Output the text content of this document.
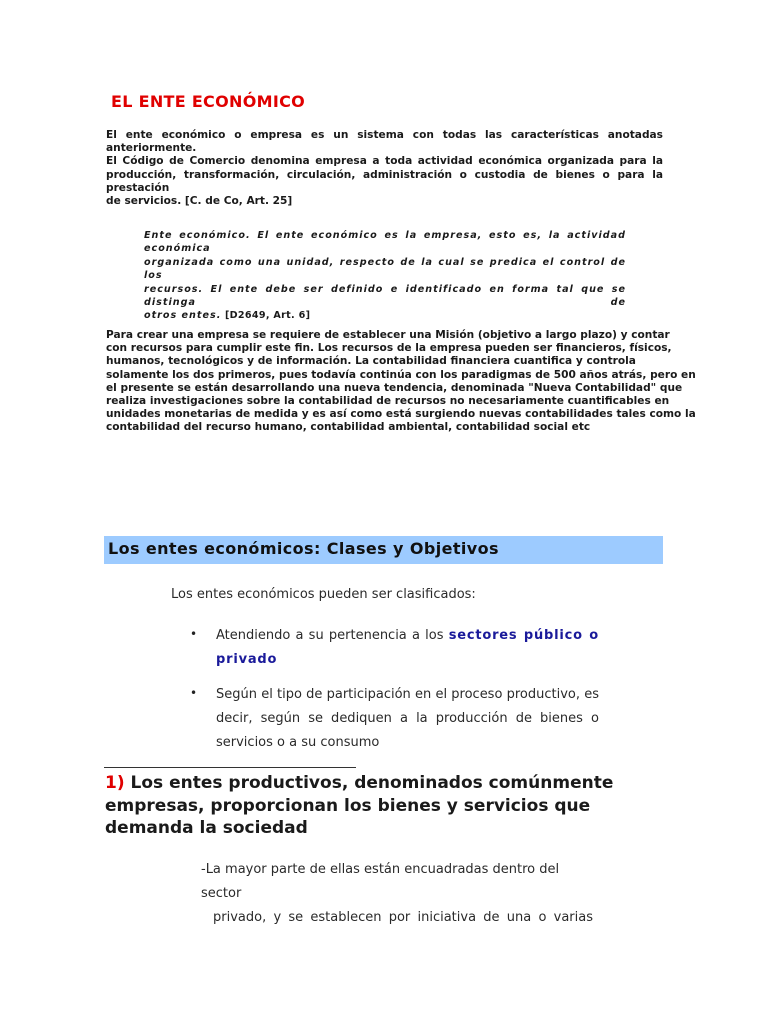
EL ENTE ECONÓMICO
El ente económico o empresa es un sistema con todas las características anotadas anteriormente.
El Código de Comercio denomina empresa a toda actividad económica organizada para la
producción, transformación, circulación, administración o custodia de bienes o para la prestación
de servicios. [C. de Co, Art. 25]
Ente económico. El ente económico es la empresa, esto es, la actividad económica
organizada como una unidad, respecto de la cual se predica el control de los
recursos. El ente debe ser definido e identificado en forma tal que se distinga de
otros entes. [D2649, Art. 6]
Para crear una empresa se requiere de establecer una Misión (objetivo a largo plazo) y contar
con recursos para cumplir este fin. Los recursos de la empresa pueden ser financieros, físicos,
humanos, tecnológicos y de información. La contabilidad financiera cuantifica y controla
solamente los dos primeros, pues todavía continúa con los paradigmas de 500 años atrás, pero en
el presente se están desarrollando una nueva tendencia, denominada "Nueva Contabilidad" que
realiza investigaciones sobre la contabilidad de recursos no necesariamente cuantificables en
unidades monetarias de medida y es así como está surgiendo nuevas contabilidades tales como la
contabilidad del recurso humano, contabilidad ambiental, contabilidad social etc
Los entes económicos: Clases y Objetivos
Los entes económicos pueden ser clasificados:
• Atendiendo a su pertenencia a los sectores público o
privado
• Según el tipo de participación en el proceso productivo, es
decir, según se dediquen a la producción de bienes o
servicios o a su consumo
1) Los entes productivos, denominados comúnmente
empresas, proporcionan los bienes y servicios que
demanda la sociedad
-La mayor parte de ellas están encuadradas dentro del sector
privado, y se establecen por iniciativa de una o varias
